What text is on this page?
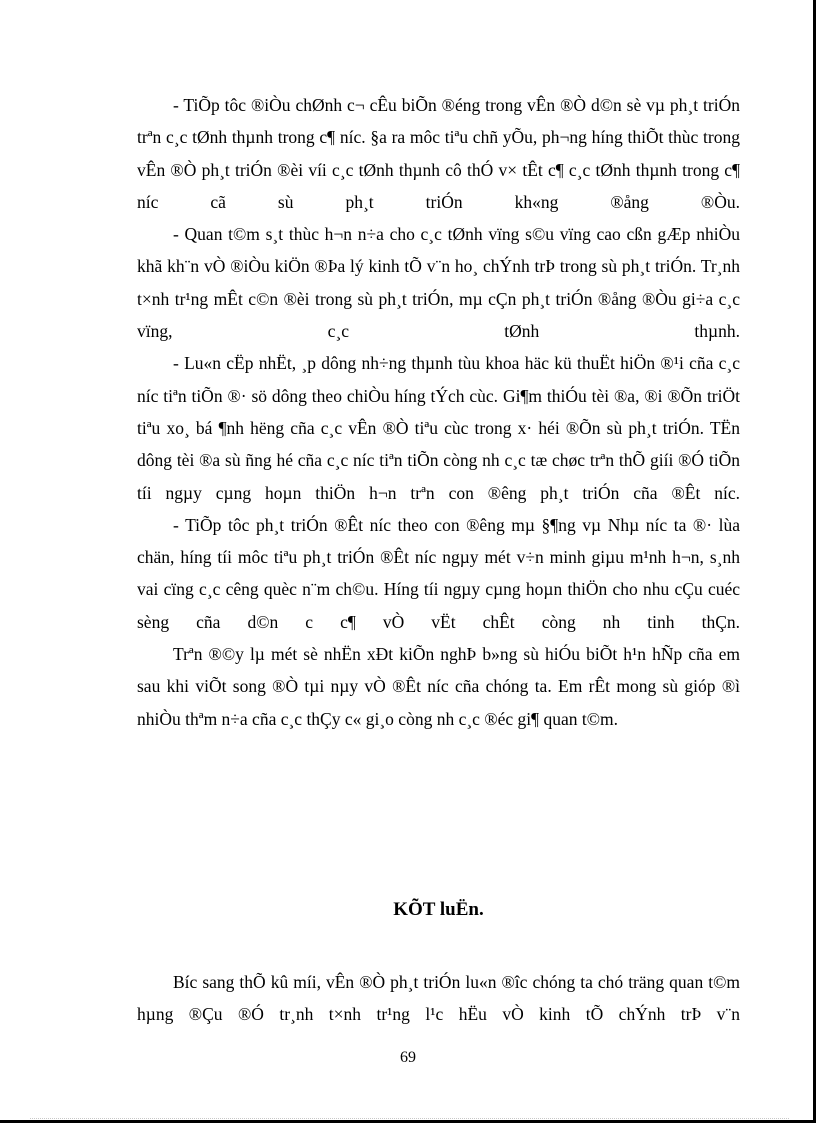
- TiÕp tôc ®iÒu chØnh c¬ cÊu biÕn ®éng trong vÊn ®Ò d©n sè vµ ph¸t triÓn trªn c¸c tØnh thµnh trong c¶ níc. §a ra môc tiªu chñ yÕu, ph¬ng híng thiÕt thùc trong vÊn ®Ò ph¸t triÓn ®èi víi c¸c tØnh thµnh cô thÓ v× tÊt c¶ c¸c tØnh thµnh trong c¶ níc cã sù ph¸t triÓn kh«ng ®ång ®Òu.

- Quan t©m s¸t thùc h¬n n÷a cho c¸c tØnh vïng s©u vïng cao cßn gÆp nhiÒu khã kh¨n vÒ ®iÒu kiÖn ®Þa lý kinh tÕ v¨n ho¸ chÝnh trÞ trong sù ph¸t triÓn. Tr¸nh t×nh tr¹ng mÊt c©n ®èi trong sù ph¸t triÓn, mµ cÇn ph¸t triÓn ®ång ®Òu gi÷a c¸c vïng, c¸c tØnh thµnh.

- Lu«n cËp nhËt, ¸p dông nh÷ng thµnh tùu khoa häc kü thuËt hiÖn ®¹i cña c¸c níc tiªn tiÕn ®· sö dông theo chiÒu híng tÝch cùc. Gi¶m thiÓu tèi ®a, ®i ®Õn triÖt tiªu xo¸ bá ¶nh hëng cña c¸c vÊn ®Ò tiªu cùc trong x· héi ®Õn sù ph¸t triÓn. TËn dông tèi ®a sù ñng hé cña c¸c níc tiªn tiÕn còng nh c¸c tæ chøc trªn thÕ giíi ®Ó tiÕn tíi ngµy cµng hoµn thiÖn h¬n trªn con ®êng ph¸t triÓn cña ®Êt níc.

- TiÕp tôc ph¸t triÓn ®Êt níc theo con ®êng mµ §¶ng vµ Nhµ níc ta ®· lùa chän, híng tíi môc tiªu ph¸t triÓn ®Êt níc ngµy mét v÷n minh giµu m¹nh h¬n, s¸nh vai cïng c¸c cêng quèc n¨m ch©u. Híng tíi ngµy cµng hoµn thiÖn cho nhu cÇu cuéc sèng cña d©n c c¶ vÒ vËt chÊt còng nh tinh thÇn.

Trªn ®©y lµ mét sè nhËn xÐt kiÕn nghÞ b»ng sù hiÓu biÕt h¹n hÑp cña em sau khi viÕt song ®Ò tµi nµy vÒ ®Êt níc cña chóng ta. Em rÊt mong sù gióp ®ì nhiÒu thªm n÷a cña c¸c thÇy c« gi¸o còng nh c¸c ®éc gi¶ quan t©m.

KÕT luËn.

Bíc sang thÕ kû míi, vÊn ®Ò ph¸t triÓn lu«n ®îc chóng ta chó träng quan t©m hµng ®Çu ®Ó tr¸nh t×nh tr¹ng l¹c hËu vÒ kinh tÕ chÝnh trÞ v¨n

69
